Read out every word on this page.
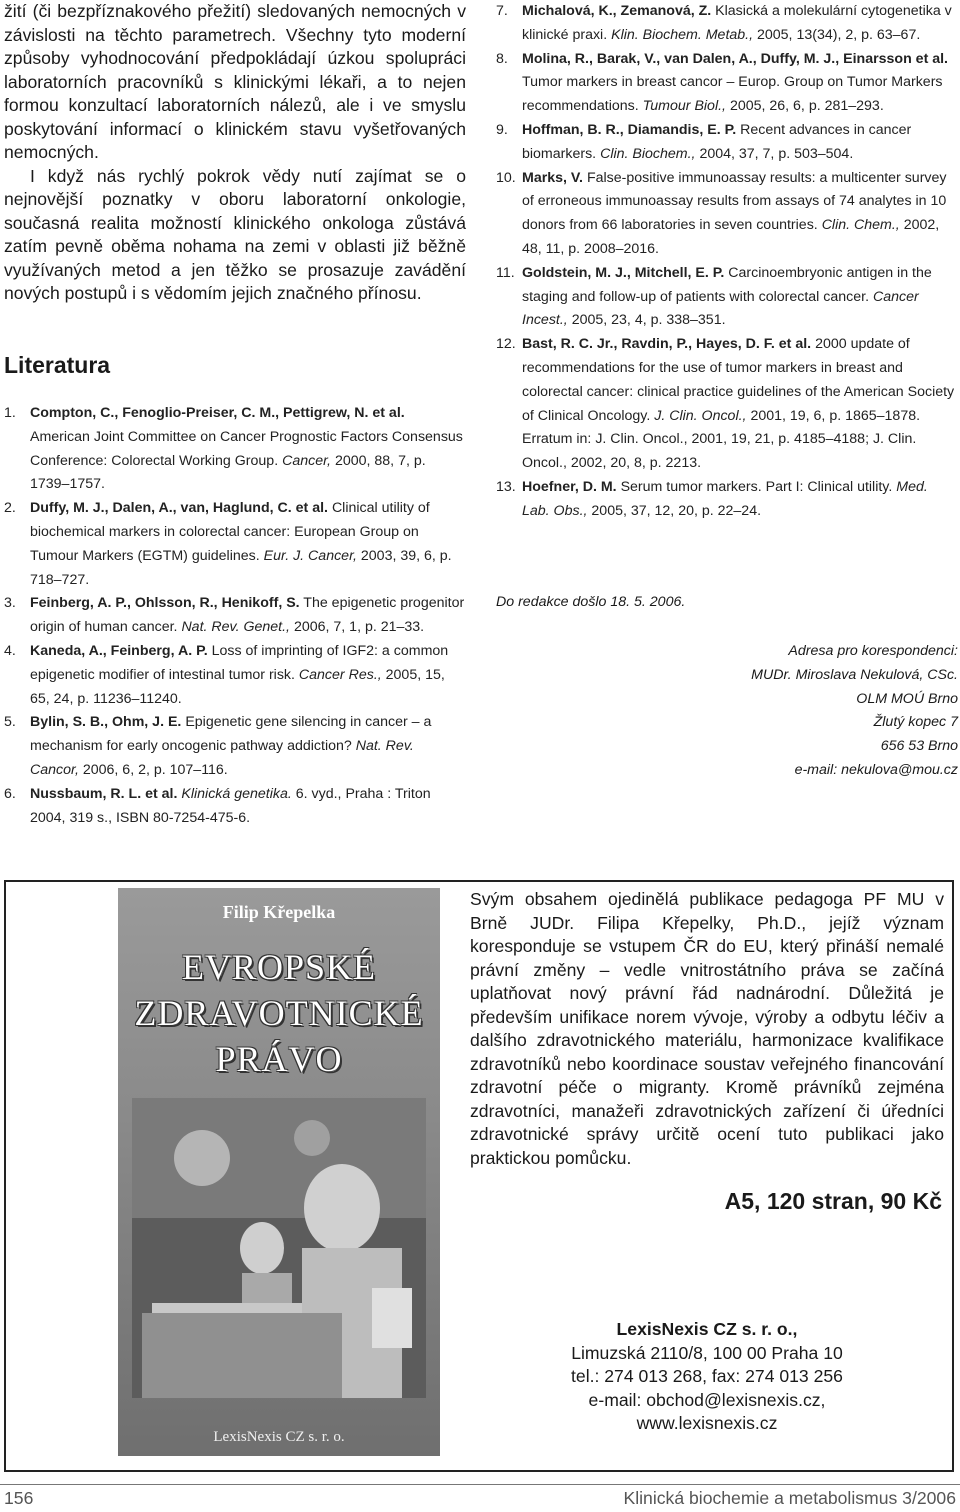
žití (či bezpříznakového přežití) sledovaných nemocných v závislosti na těchto parametrech. Všechny tyto moderní způsoby vyhodnocování předpokládají úzkou spolupráci laboratorních pracovníků s klinickými lékaři, a to nejen formou konzultací laboratorních nálezů, ale i ve smyslu poskytování informací o klinickém stavu vyšetřovaných nemocných.

I když nás rychlý pokrok vědy nutí zajímat se o nejnovější poznatky v oboru laboratorní onkologie, současná realita možností klinického onkologa zůstává zatím pevně oběma nohama na zemi v oblasti již běžně využívaných metod a jen těžko se prosazuje zavádění nových postupů i s vědomím jejich značného přínosu.

Literatura
1. Compton, C., Fenoglio-Preiser, C. M., Pettigrew, N. et al. American Joint Committee on Cancer Prognostic Factors Consensus Conference: Colorectal Working Group. Cancer, 2000, 88, 7, p. 1739–1757.
2. Duffy, M. J., Dalen, A., van, Haglund, C. et al. Clinical utility of biochemical markers in colorectal cancer: European Group on Tumour Markers (EGTM) guidelines. Eur. J. Cancer, 2003, 39, 6, p. 718–727.
3. Feinberg, A. P., Ohlsson, R., Henikoff, S. The epigenetic progenitor origin of human cancer. Nat. Rev. Genet., 2006, 7, 1, p. 21–33.
4. Kaneda, A., Feinberg, A. P. Loss of imprinting of IGF2: a common epigenetic modifier of intestinal tumor risk. Cancer Res., 2005, 15, 65, 24, p. 11236–11240.
5. Bylin, S. B., Ohm, J. E. Epigenetic gene silencing in cancer – a mechanism for early oncogenic pathway addiction? Nat. Rev. Cancor, 2006, 6, 2, p. 107–116.
6. Nussbaum, R. L. et al. Klinická genetika. 6. vyd., Praha : Triton 2004, 319 s., ISBN 80-7254-475-6.
7. Michalová, K., Zemanová, Z. Klasická a molekulární cytogenetika v klinické praxi. Klin. Biochem. Metab., 2005, 13(34), 2, p. 63–67.
8. Molina, R., Barak, V., van Dalen, A., Duffy, M. J., Einarsson et al. Tumor markers in breast cancor – Europ. Group on Tumor Markers recommendations. Tumour Biol., 2005, 26, 6, p. 281–293.
9. Hoffman, B. R., Diamandis, E. P. Recent advances in cancer biomarkers. Clin. Biochem., 2004, 37, 7, p. 503–504.
10. Marks, V. False-positive immunoassay results: a multicenter survey of erroneous immunoassay results from assays of 74 analytes in 10 donors from 66 laboratories in seven countries. Clin. Chem., 2002, 48, 11, p. 2008–2016.
11. Goldstein, M. J., Mitchell, E. P. Carcinoembryonic antigen in the staging and follow-up of patients with colorectal cancer. Cancer Incest., 2005, 23, 4, p. 338–351.
12. Bast, R. C. Jr., Ravdin, P., Hayes, D. F. et al. 2000 update of recommendations for the use of tumor markers in breast and colorectal cancer: clinical practice guidelines of the American Society of Clinical Oncology. J. Clin. Oncol., 2001, 19, 6, p. 1865–1878. Erratum in: J. Clin. Oncol., 2001, 19, 21, p. 4185–4188; J. Clin. Oncol., 2002, 20, 8, p. 2213.
13. Hoefner, D. M. Serum tumor markers. Part I: Clinical utility. Med. Lab. Obs., 2005, 37, 12, 20, p. 22–24.
Do redakce došlo 18. 5. 2006.
Adresa pro korespondenci:
MUDr. Miroslava Nekulová, CSc.
OLM MOÚ Brno
Žlutý kopec 7
656 53 Brno
e-mail: nekulova@mou.cz
Filip Křepelka
EVROPSKÉ
ZDRAVOTNICKÉ
PRÁVO
LexisNexis CZ s. r. o.

Svým obsahem ojedinělá publikace pedagoga PF MU v Brně JUDr. Filipa Křepelky, Ph.D., jejíž význam koresponduje se vstupem ČR do EU, který přináší nemalé právní změny – vedle vnitrostátního práva se začíná uplatňovat nový právní řád nadnárodní. Důležitá je především unifikace norem vývoje, výroby a odbytu léčiv a dalšího zdravotnického materiálu, harmonizace kvalifikace zdravotníků nebo koordinace soustav veřejného financování zdravotní péče o migranty. Kromě právníků zejména zdravotníci, manažeři zdravotnických zařízení či úředníci zdravotnické správy určitě ocení tuto publikaci jako praktickou pomůcku.

A5, 120 stran, 90 Kč
LexisNexis CZ s. r. o.,
Limuzská 2110/8, 100 00 Praha 10
tel.: 274 013 268, fax: 274 013 256
e-mail: obchod@lexisnexis.cz,
www.lexisnexis.cz
156	Klinická biochemie a metabolismus 3/2006
